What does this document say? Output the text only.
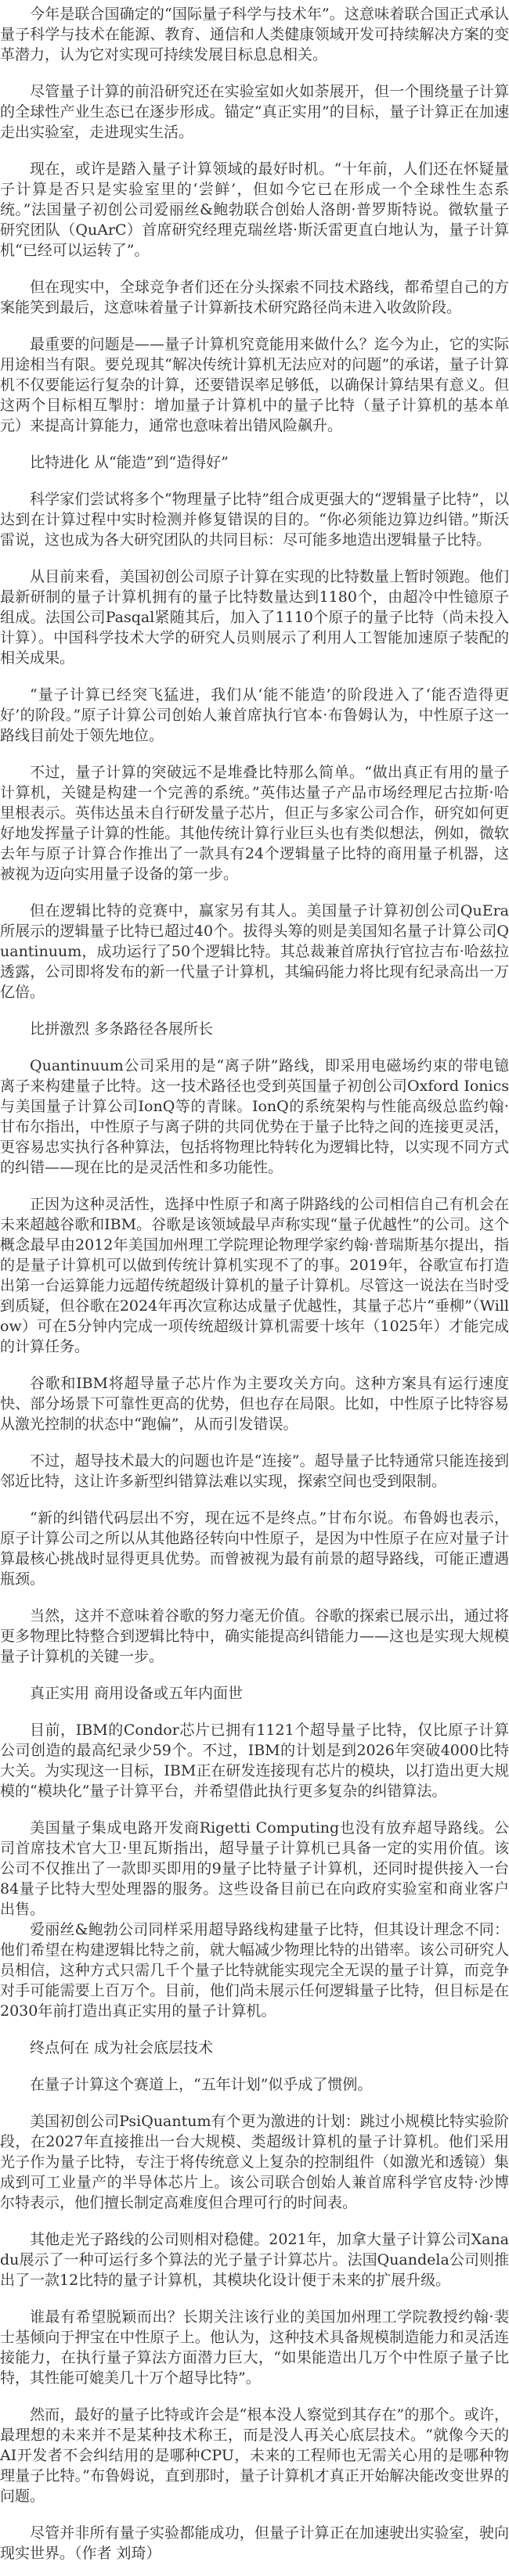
今年是联合国确定的“国际量子科学与技术年”。这意味着联合国正式承认量子科学与技术在能源、教育、通信和人类健康领域开发可持续解决方案的变革潜力，认为它对实现可持续发展目标息息相关。

尽管量子计算的前沿研究还在实验室如火如荼展开，但一个围绕量子计算的全球性产业生态已在逐步形成。锚定“真正实用”的目标，量子计算正在加速走出实验室，走进现实生活。

现在，或许是踏入量子计算领域的最好时机。“十年前，人们还在怀疑量子计算是否只是实验室里的‘尝鲜’，但如今它已在形成一个全球性生态系统。”法国量子初创公司爱丽丝&鲍勃联合创始人洛朗·普罗斯特说。微软量子研究团队（QuArC）首席研究经理克瑞丝塔·斯沃雷更直白地认为，量子计算机“已经可以运转了”。

但在现实中，全球竞争者们还在分头探索不同技术路线，都希望自己的方案能笑到最后，这意味着量子计算新技术研究路径尚未进入收敛阶段。

最重要的问题是——量子计算机究竟能用来做什么？迄今为止，它的实际用途相当有限。要兑现其“解决传统计算机无法应对的问题”的承诺，量子计算机不仅要能运行复杂的计算，还要错误率足够低，以确保计算结果有意义。但这两个目标相互掣肘：增加量子计算机中的量子比特（量子计算机的基本单元）来提高计算能力，通常也意味着出错风险飙升。

比特进化 从“能造”到“造得好”

科学家们尝试将多个“物理量子比特”组合成更强大的“逻辑量子比特”，以达到在计算过程中实时检测并修复错误的目的。“你必须能边算边纠错。”斯沃雷说，这也成为各大研究团队的共同目标：尽可能多地造出逻辑量子比特。

从目前来看，美国初创公司原子计算在实现的比特数量上暂时领跑。他们最新研制的量子计算机拥有的量子比特数量达到1180个，由超冷中性镱原子组成。法国公司Pasqal紧随其后，加入了1110个原子的量子比特（尚未投入计算）。中国科学技术大学的研究人员则展示了利用人工智能加速原子装配的相关成果。

“量子计算已经突飞猛进，我们从‘能不能造’的阶段进入了‘能否造得更好’的阶段。”原子计算公司创始人兼首席执行官本·布鲁姆认为，中性原子这一路线目前处于领先地位。

不过，量子计算的突破远不是堆叠比特那么简单。“做出真正有用的量子计算机，关键是构建一个完善的系统。”英伟达量子产品市场经理尼古拉斯·哈里根表示。英伟达虽未自行研发量子芯片，但正与多家公司合作，研究如何更好地发挥量子计算的性能。其他传统计算行业巨头也有类似想法，例如，微软去年与原子计算合作推出了一款具有24个逻辑量子比特的商用量子机器，这被视为迈向实用量子设备的第一步。

但在逻辑比特的竞赛中，赢家另有其人。美国量子计算初创公司QuEra所展示的逻辑量子比特已超过40个。拔得头筹的则是美国知名量子计算公司Quantinuum，成功运行了50个逻辑比特。其总裁兼首席执行官拉吉布·哈兹拉透露，公司即将发布的新一代量子计算机，其编码能力将比现有纪录高出一万亿倍。

比拼激烈 多条路径各展所长

Quantinuum公司采用的是“离子阱”路线，即采用电磁场约束的带电镱离子来构建量子比特。这一技术路径也受到英国量子初创公司Oxford Ionics与美国量子计算公司IonQ等的青睐。IonQ的系统架构与性能高级总监约翰·甘布尔指出，中性原子与离子阱的共同优势在于量子比特之间的连接更灵活，更容易忠实执行各种算法，包括将物理比特转化为逻辑比特，以实现不同方式的纠错——现在比的是灵活性和多功能性。

正因为这种灵活性，选择中性原子和离子阱路线的公司相信自己有机会在未来超越谷歌和IBM。谷歌是该领域最早声称实现“量子优越性”的公司。这个概念最早由2012年美国加州理工学院理论物理学家约翰·普瑞斯基尔提出，指的是量子计算机可以做到传统计算机实现不了的事。2019年，谷歌宣布打造出第一台运算能力远超传统超级计算机的量子计算机。尽管这一说法在当时受到质疑，但谷歌在2024年再次宣称达成量子优越性，其量子芯片“垂柳”（Willow）可在5分钟内完成一项传统超级计算机需要十垓年（1025年）才能完成的计算任务。

谷歌和IBM将超导量子芯片作为主要攻关方向。这种方案具有运行速度快、部分场景下可靠性更高的优势，但也存在局限。比如，中性原子比特容易从激光控制的状态中“跑偏”，从而引发错误。

不过，超导技术最大的问题也许是“连接”。超导量子比特通常只能连接到邻近比特，这让许多新型纠错算法难以实现，探索空间也受到限制。

“新的纠错代码层出不穷，现在远不是终点。”甘布尔说。布鲁姆也表示，原子计算公司之所以从其他路径转向中性原子，是因为中性原子在应对量子计算最核心挑战时显得更具优势。而曾被视为最有前景的超导路线，可能正遭遇瓶颈。

当然，这并不意味着谷歌的努力毫无价值。谷歌的探索已展示出，通过将更多物理比特整合到逻辑比特中，确实能提高纠错能力——这也是实现大规模量子计算机的关键一步。

真正实用 商用设备或五年内面世

目前，IBM的Condor芯片已拥有1121个超导量子比特，仅比原子计算公司创造的最高纪录少59个。不过，IBM的计划是到2026年突破4000比特大关。为实现这一目标，IBM正在研发连接现有芯片的模块，以打造出更大规模的“模块化”量子计算平台，并希望借此执行更多复杂的纠错算法。

美国量子集成电路开发商Rigetti Computing也没有放弃超导路线。公司首席技术官大卫·里瓦斯指出，超导量子计算机已具备一定的实用价值。该公司不仅推出了一款即买即用的9量子比特量子计算机，还同时提供接入一台84量子比特大型处理器的服务。这些设备目前已在向政府实验室和商业客户出售。

爱丽丝&鲍勃公司同样采用超导路线构建量子比特，但其设计理念不同：他们希望在构建逻辑比特之前，就大幅减少物理比特的出错率。该公司研究人员相信，这种方式只需几千个量子比特就能实现完全无误的量子计算，而竞争对手可能需要上百万个。目前，他们尚未展示任何逻辑量子比特，但目标是在2030年前打造出真正实用的量子计算机。

终点何在 成为社会底层技术

在量子计算这个赛道上，“五年计划”似乎成了惯例。

美国初创公司PsiQuantum有个更为激进的计划：跳过小规模比特实验阶段，在2027年直接推出一台大规模、类超级计算机的量子计算机。他们采用光子作为量子比特，专注于将传统意义上复杂的控制组件（如激光和透镜）集成到可工业量产的半导体芯片上。该公司联合创始人兼首席科学官皮特·沙博尔特表示，他们擅长制定高难度但合理可行的时间表。

其他走光子路线的公司则相对稳健。2021年，加拿大量子计算公司Xanadu展示了一种可运行多个算法的光子量子计算芯片。法国Quandela公司则推出了一款12比特的量子计算机，其模块化设计便于未来的扩展升级。

谁最有希望脱颖而出？长期关注该行业的美国加州理工学院教授约翰·裴士基倾向于押宝在中性原子上。他认为，这种技术具备规模制造能力和灵活连接能力，在执行量子算法方面潜力巨大，“如果能造出几万个中性原子量子比特，其性能可媲美几十万个超导比特”。

然而，最好的量子比特或许会是“根本没人察觉到其存在”的那个。或许，最理想的未来并不是某种技术称王，而是没人再关心底层技术。“就像今天的AI开发者不会纠结用的是哪种CPU，未来的工程师也无需关心用的是哪种物理量子比特。”布鲁姆说，直到那时，量子计算机才真正开始解决能改变世界的问题。

尽管并非所有量子实验都能成功，但量子计算正在加速驶出实验室，驶向现实世界。（作者 刘琦）
